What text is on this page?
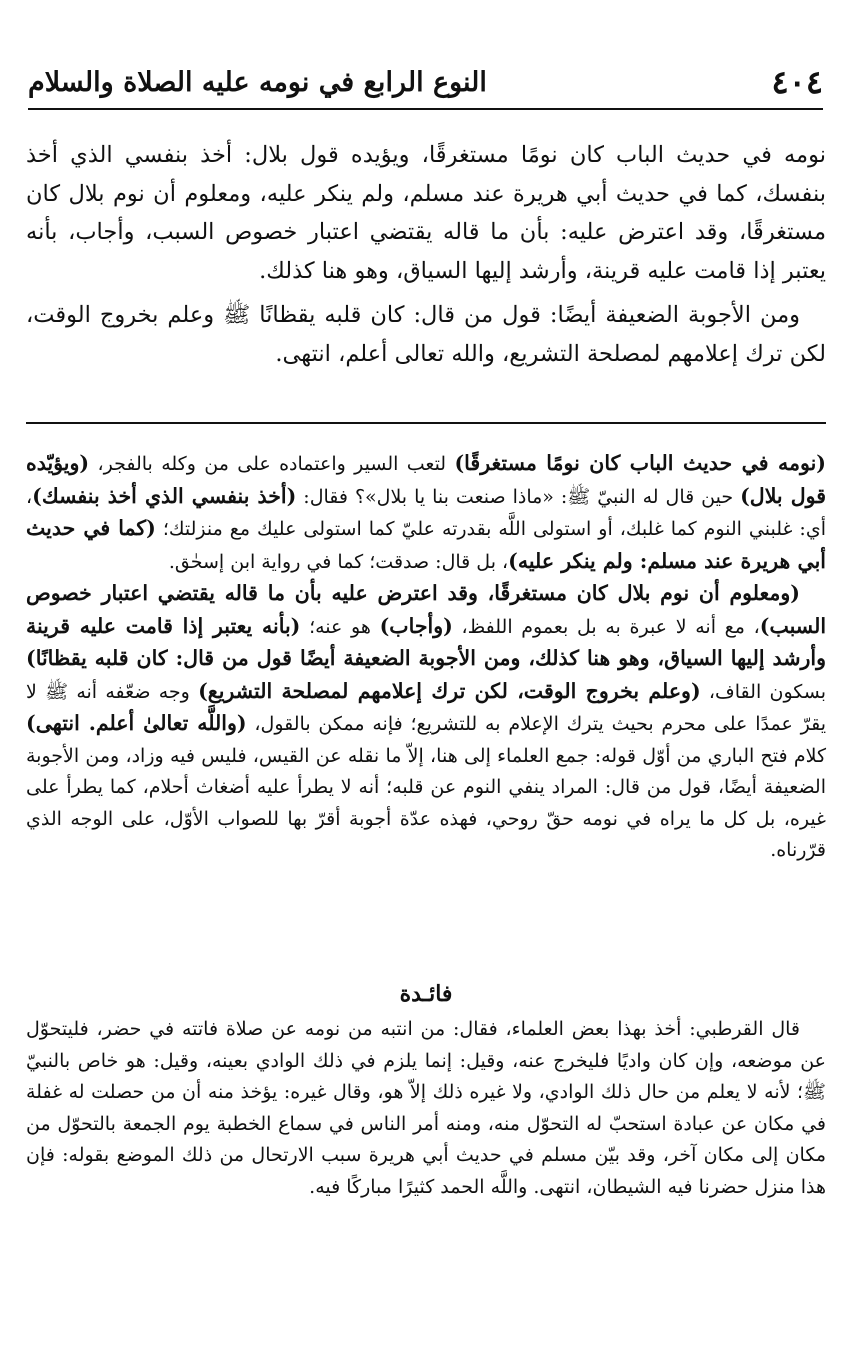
٤٠٤
النوع الرابع في نومه عليه الصلاة والسلام

نومه في حديث الباب كان نومًا مستغرقًا، ويؤيده قول بلال: أخذ بنفسي الذي أخذ بنفسك، كما في حديث أبي هريرة عند مسلم، ولم ينكر عليه، ومعلوم أن نوم بلال كان مستغرقًا، وقد اعترض عليه: بأن ما قاله يقتضي اعتبار خصوص السبب، وأجاب، بأنه يعتبر إذا قامت عليه قرينة، وأرشد إليها السياق، وهو هنا كذلك.

ومن الأجوبة الضعيفة أيضًا: قول من قال: كان قلبه يقظانًا ﷺ وعلم بخروج الوقت، لكن ترك إعلامهم لمصلحة التشريع، والله تعالى أعلم، انتهى.

(نومه في حديث الباب كان نومًا مستغرقًا) لتعب السير واعتماده على من وكله بالفجر، (ويؤيّده قول بلال) حين قال له النبيّ ﷺ: «ماذا صنعت بنا يا بلال»؟ فقال: (أخذ بنفسي الذي أخذ بنفسك)، أي: غلبني النوم كما غلبك، أو استولى اللَّه بقدرته عليّ كما استولى عليك مع منزلتك؛ (كما في حديث أبي هريرة عند مسلم: ولم ينكر عليه)، بل قال: صدقت؛ كما في رواية ابن إسحٰق.

(ومعلوم أن نوم بلال كان مستغرقًا، وقد اعترض عليه بأن ما قاله يقتضي اعتبار خصوص السبب)، مع أنه لا عبرة به بل بعموم اللفظ، (وأجاب) هو عنه؛ (بأنه يعتبر إذا قامت عليه قرينة وأرشد إليها السياق، وهو هنا كذلك، ومن الأجوبة الضعيفة أيضًا قول من قال: كان قلبه يقظانًا) بسكون القاف، (وعلم بخروج الوقت، لكن ترك إعلامهم لمصلحة التشريع) وجه ضعّفه أنه ﷺ لا يقرّ عمدًا على محرم بحيث يترك الإعلام به للتشريع؛ فإنه ممكن بالقول، (واللَّه تعالىٰ أعلم. انتهى) كلام فتح الباري من أوّل قوله: جمع العلماء إلى هنا، إلاّ ما نقله عن القيس، فليس فيه وزاد، ومن الأجوبة الضعيفة أيضًا، قول من قال: المراد ينفي النوم عن قلبه؛ أنه لا يطرأ عليه أضغاث أحلام، كما يطرأ على غيره، بل كل ما يراه في نومه حقّ روحي، فهذه عدّة أجوبة أقرّ بها للصواب الأوّل، على الوجه الذي قرّرناه.

فائـدة

قال القرطبي: أخذ بهذا بعض العلماء، فقال: من انتبه من نومه عن صلاة فاتته في حضر، فليتحوّل عن موضعه، وإن كان واديًا فليخرج عنه، وقيل: إنما يلزم في ذلك الوادي بعينه، وقيل: هو خاص بالنبيّ ﷺ؛ لأنه لا يعلم من حال ذلك الوادي، ولا غيره ذلك إلاّ هو، وقال غيره: يؤخذ منه أن من حصلت له غفلة في مكان عن عبادة استحبّ له التحوّل منه، ومنه أمر الناس في سماع الخطبة يوم الجمعة بالتحوّل من مكان إلى مكان آخر، وقد بيّن مسلم في حديث أبي هريرة سبب الارتحال من ذلك الموضع بقوله: فإن هذا منزل حضرنا فيه الشيطان، انتهى. واللَّه الحمد كثيرًا مباركًا فيه.
